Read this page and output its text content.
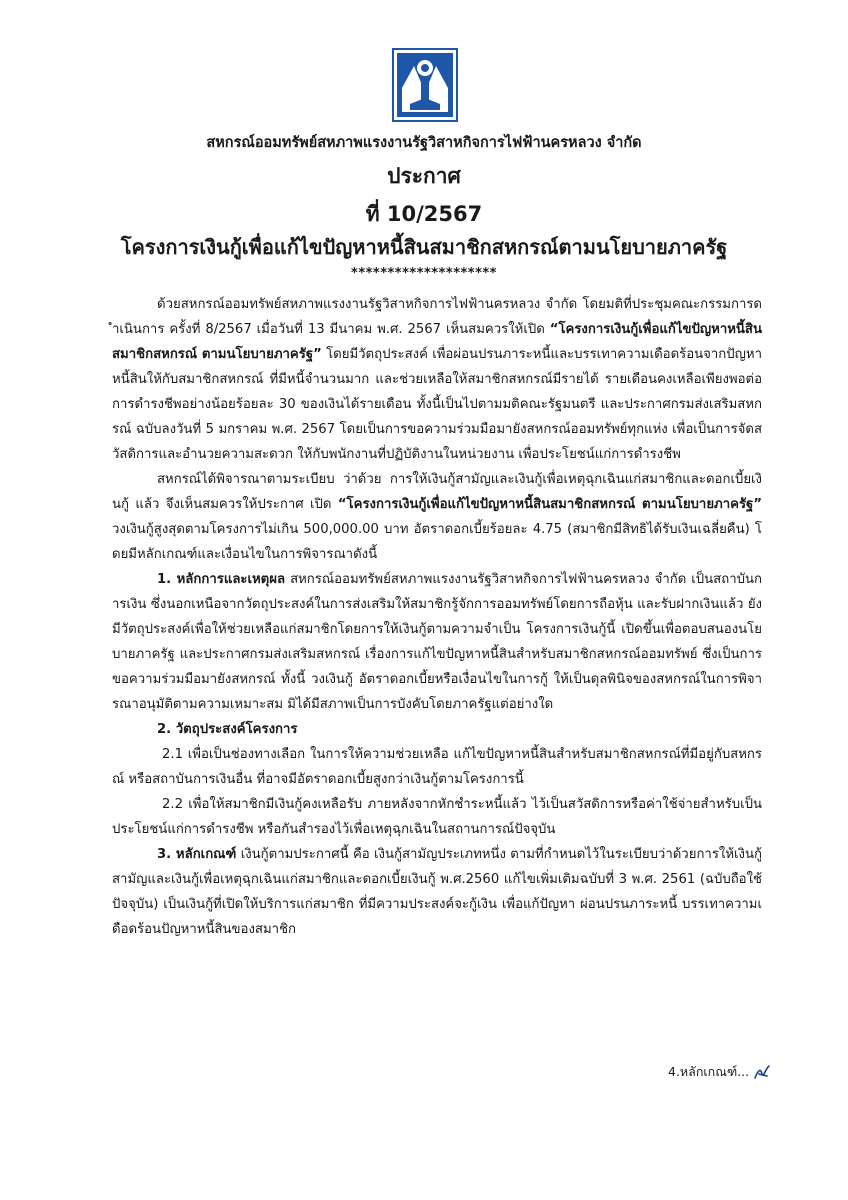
สหกรณ์ออมทรัพย์สหภาพแรงงานรัฐวิสาหกิจการไฟฟ้านครหลวง จำกัด
ประกาศ
ที่ 10/2567
โครงการเงินกู้เพื่อแก้ไขปัญหาหนี้สินสมาชิกสหกรณ์ตามนโยบายภาครัฐ
********************

ด้วยสหกรณ์ออมทรัพย์สหภาพแรงงานรัฐวิสาหกิจการไฟฟ้านครหลวง จำกัด โดยมติที่ประชุมคณะกรรมการดำเนินการ ครั้งที่ 8/2567 เมื่อวันที่ 13 มีนาคม พ.ศ. 2567 เห็นสมควรให้เปิด “โครงการเงินกู้เพื่อแก้ไขปัญหาหนี้สินสมาชิกสหกรณ์ ตามนโยบายภาครัฐ” โดยมีวัตถุประสงค์ เพื่อผ่อนปรนภาระหนี้และบรรเทาความเดือดร้อนจากปัญหาหนี้สินให้กับสมาชิกสหกรณ์ ที่มีหนี้จำนวนมาก และช่วยเหลือให้สมาชิกสหกรณ์มีรายได้ รายเดือนคงเหลือเพียงพอต่อการดำรงชีพอย่างน้อยร้อยละ 30 ของเงินได้รายเดือน ทั้งนี้เป็นไปตามมติคณะรัฐมนตรี และประกาศกรมส่งเสริมสหกรณ์ ฉบับลงวันที่ 5 มกราคม พ.ศ. 2567 โดยเป็นการขอความร่วมมือมายังสหกรณ์ออมทรัพย์ทุกแห่ง เพื่อเป็นการจัดสวัสดิการและอำนวยความสะดวก ให้กับพนักงานที่ปฏิบัติงานในหน่วยงาน เพื่อประโยชน์แก่การดำรงชีพ

สหกรณ์ได้พิจารณาตามระเบียบ ว่าด้วย การให้เงินกู้สามัญและเงินกู้เพื่อเหตุฉุกเฉินแก่สมาชิกและดอกเบี้ยเงินกู้ แล้ว จึงเห็นสมควรให้ประกาศ เปิด “โครงการเงินกู้เพื่อแก้ไขปัญหาหนี้สินสมาชิกสหกรณ์ ตามนโยบายภาครัฐ” วงเงินกู้สูงสุดตามโครงการไม่เกิน 500,000.00 บาท อัตราดอกเบี้ยร้อยละ 4.75 (สมาชิกมีสิทธิได้รับเงินเฉลี่ยคืน) โดยมีหลักเกณฑ์และเงื่อนไขในการพิจารณาดังนี้

1. หลักการและเหตุผล สหกรณ์ออมทรัพย์สหภาพแรงงานรัฐวิสาหกิจการไฟฟ้านครหลวง จำกัด เป็นสถาบันการเงิน ซึ่งนอกเหนือจากวัตถุประสงค์ในการส่งเสริมให้สมาชิกรู้จักการออมทรัพย์โดยการถือหุ้น และรับฝากเงินแล้ว ยังมีวัตถุประสงค์เพื่อให้ช่วยเหลือแก่สมาชิกโดยการให้เงินกู้ตามความจำเป็น โครงการเงินกู้นี้ เปิดขึ้นเพื่อตอบสนองนโยบายภาครัฐ และประกาศกรมส่งเสริมสหกรณ์ เรื่องการแก้ไขปัญหาหนี้สินสำหรับสมาชิกสหกรณ์ออมทรัพย์ ซึ่งเป็นการขอความร่วมมือมายังสหกรณ์ ทั้งนี้ วงเงินกู้ อัตราดอกเบี้ยหรือเงื่อนไขในการกู้ ให้เป็นดุลพินิจของสหกรณ์ในการพิจารณาอนุมัติตามความเหมาะสม มิได้มีสภาพเป็นการบังคับโดยภาครัฐแต่อย่างใด

2. วัตถุประสงค์โครงการ

2.1 เพื่อเป็นช่องทางเลือก ในการให้ความช่วยเหลือ แก้ไขปัญหาหนี้สินสำหรับสมาชิกสหกรณ์ที่มีอยู่กับสหกรณ์ หรือสถาบันการเงินอื่น ที่อาจมีอัตราดอกเบี้ยสูงกว่าเงินกู้ตามโครงการนี้

2.2 เพื่อให้สมาชิกมีเงินกู้คงเหลือรับ ภายหลังจากหักชำระหนี้แล้ว ไว้เป็นสวัสดิการหรือค่าใช้จ่ายสำหรับเป็นประโยชน์แก่การดำรงชีพ หรือกันสำรองไว้เพื่อเหตุฉุกเฉินในสถานการณ์ปัจจุบัน

3. หลักเกณฑ์ เงินกู้ตามประกาศนี้ คือ เงินกู้สามัญประเภทหนึ่ง ตามที่กำหนดไว้ในระเบียบว่าด้วยการให้เงินกู้สามัญและเงินกู้เพื่อเหตุฉุกเฉินแก่สมาชิกและดอกเบี้ยเงินกู้ พ.ศ.2560 แก้ไขเพิ่มเติมฉบับที่ 3 พ.ศ. 2561 (ฉบับถือใช้ปัจจุบัน) เป็นเงินกู้ที่เปิดให้บริการแก่สมาชิก ที่มีความประสงค์จะกู้เงิน เพื่อแก้ปัญหา ผ่อนปรนภาระหนี้ บรรเทาความเดือดร้อนปัญหาหนี้สินของสมาชิก

4.หลักเกณฑ์...
